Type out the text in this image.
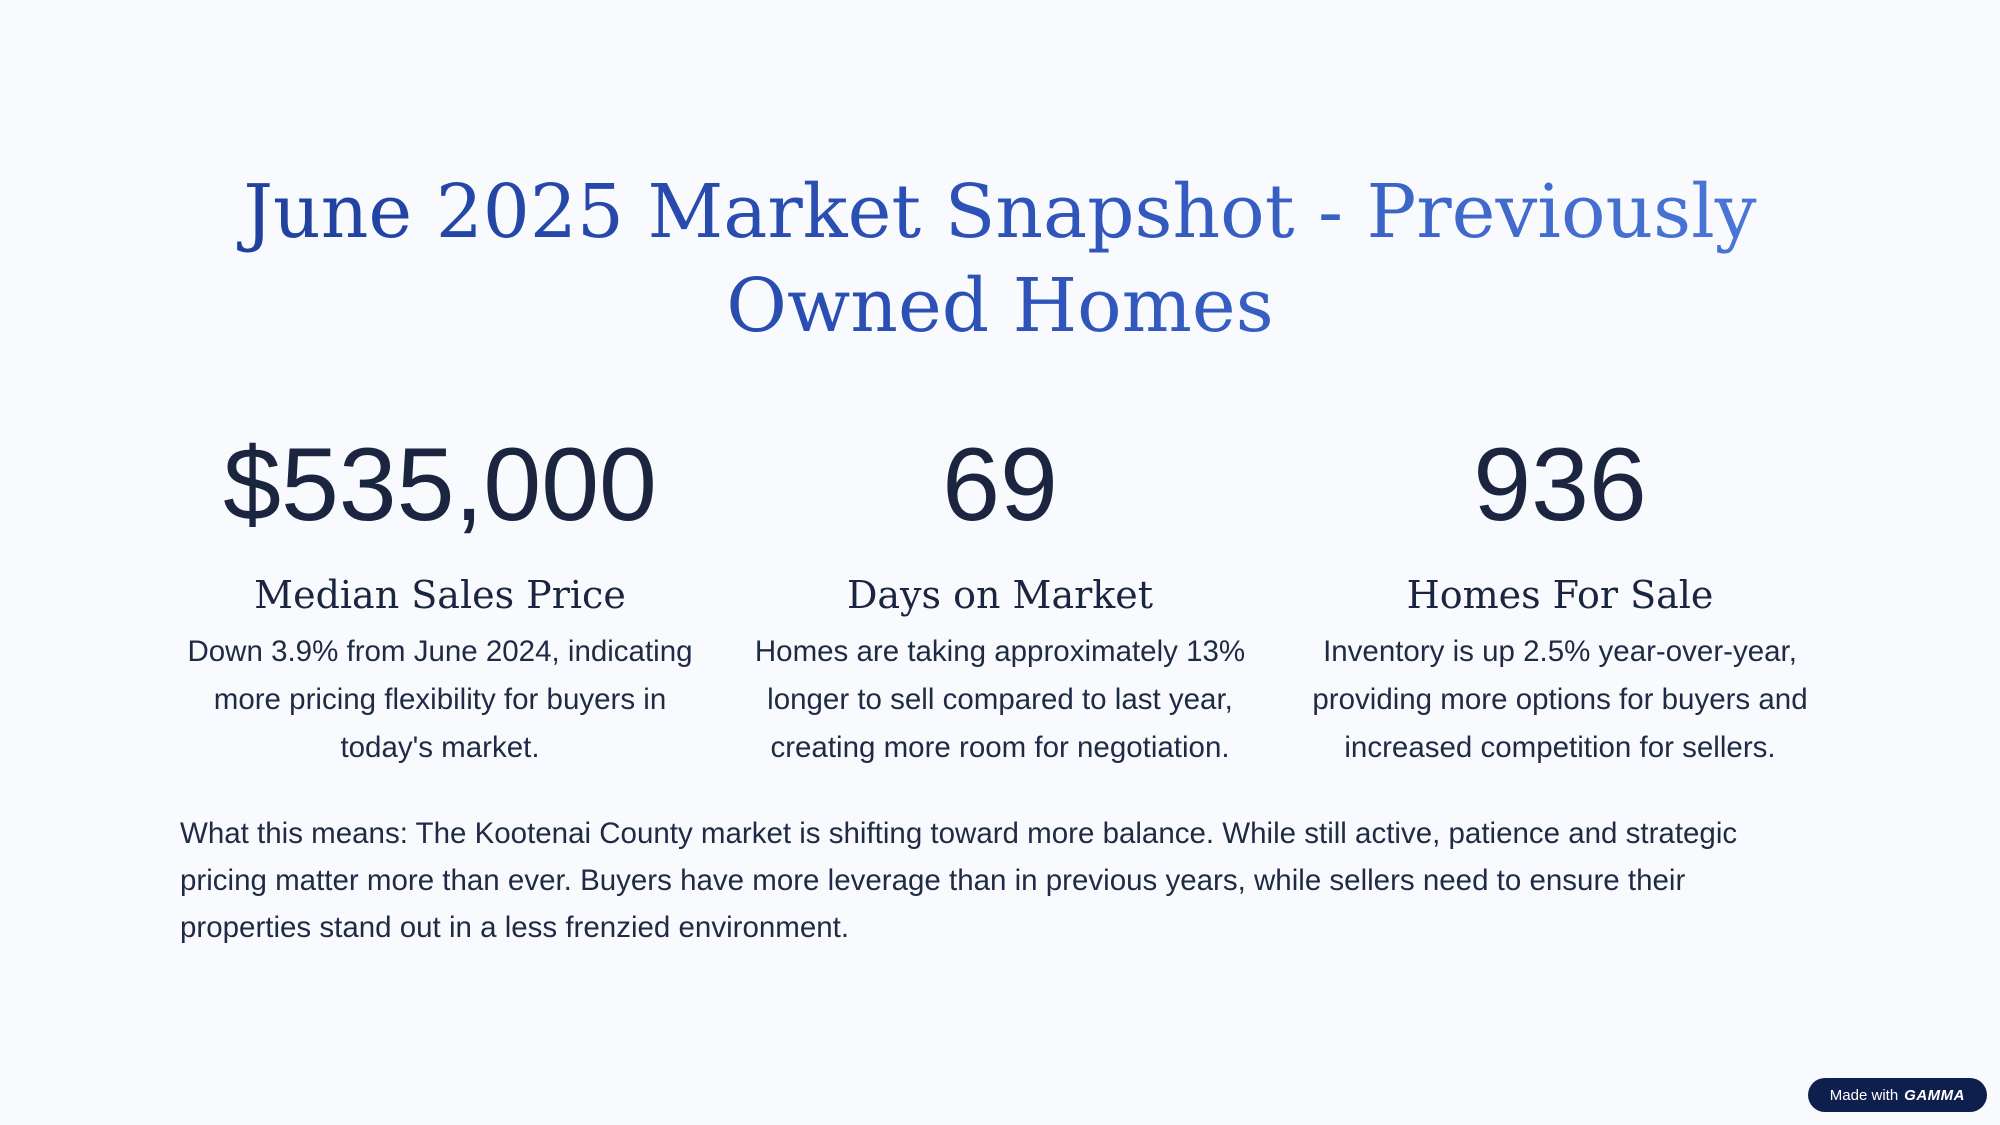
June 2025 Market Snapshot - Previously Owned Homes
$535,000
Median Sales Price
Down 3.9% from June 2024, indicating more pricing flexibility for buyers in today's market.
69
Days on Market
Homes are taking approximately 13% longer to sell compared to last year, creating more room for negotiation.
936
Homes For Sale
Inventory is up 2.5% year-over-year, providing more options for buyers and increased competition for sellers.

What this means: The Kootenai County market is shifting toward more balance. While still active, patience and strategic pricing matter more than ever. Buyers have more leverage than in previous years, while sellers need to ensure their properties stand out in a less frenzied environment.

Made with GAMMA
